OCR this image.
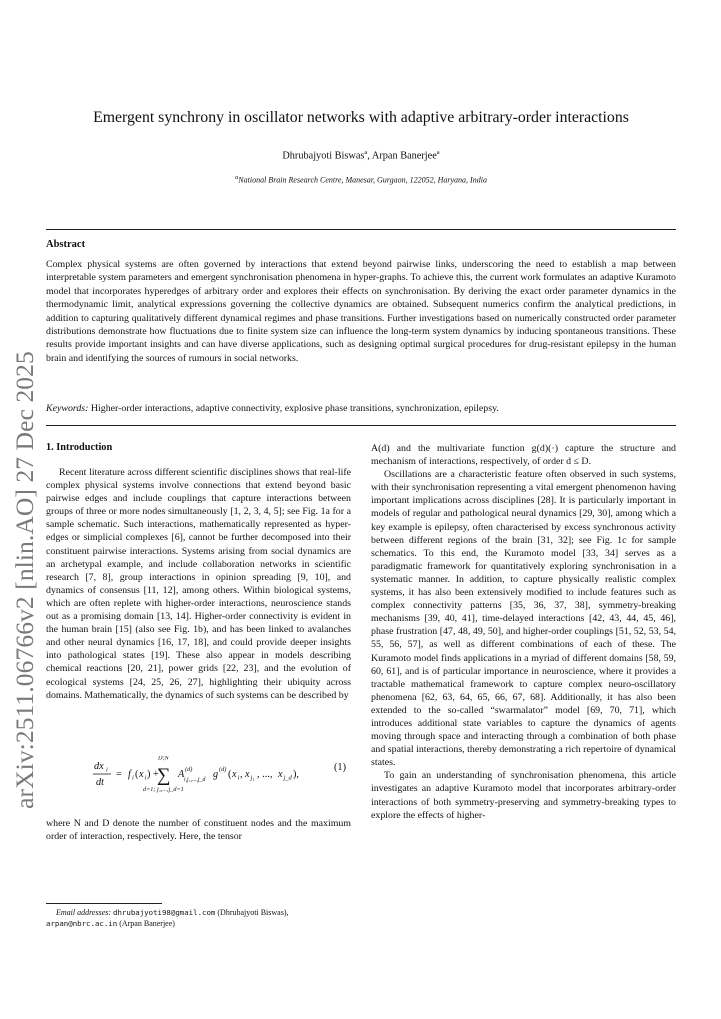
arXiv:2511.06766v2 [nlin.AO] 27 Dec 2025
Emergent synchrony in oscillator networks with adaptive arbitrary-order interactions
Dhrubajyoti Biswas$^a$, Arpan Banerjee$^a$
$^a$National Brain Research Centre, Manesar, Gurgaon, 122052, Haryana, India
Abstract
Complex physical systems are often governed by interactions that extend beyond pairwise links, underscoring the need to establish a map between interpretable system parameters and emergent synchronisation phenomena in hyper-graphs. To achieve this, the current work formulates an adaptive Kuramoto model that incorporates hyperedges of arbitrary order and explores their effects on synchronisation. By deriving the exact order parameter dynamics in the thermodynamic limit, analytical expressions governing the collective dynamics are obtained. Subsequent numerics confirm the analytical predictions, in addition to capturing qualitatively different dynamical regimes and phase transitions. Further investigations based on numerically constructed order parameter distributions demonstrate how fluctuations due to finite system size can influence the long-term system dynamics by inducing spontaneous transitions. These results provide important insights and can have diverse applications, such as designing optimal surgical procedures for drug-resistant epilepsy in the human brain and identifying the sources of rumours in social networks.
Keywords: Higher-order interactions, adaptive connectivity, explosive phase transitions, synchronization, epilepsy.
1. Introduction

Recent literature across different scientific disciplines shows that real-life complex physical systems involve connections that extend beyond basic pairwise edges and include couplings that capture interactions between groups of three or more nodes simultaneously [1, 2, 3, 4, 5]; see Fig. 1a for a sample schematic. Such interactions, mathematically represented as hyper-edges or simplicial complexes [6], cannot be further decomposed into their constituent pairwise interactions. Systems arising from social dynamics are an archetypal example, and include collaboration networks in scientific research [7, 8], group interactions in opinion spreading [9, 10], and dynamics of consensus [11, 12], among others. Within biological systems, which are often replete with higher-order interactions, neuroscience stands out as a promising domain [13, 14]. Higher-order connectivity is evident in the human brain [15] (also see Fig. 1b), and has been linked to avalanches and other neural dynamics [16, 17, 18], and could provide deeper insights into pathological states [19]. These also appear in models describing chemical reactions [20, 21], power grids [22, 23], and the evolution of ecological systems [24, 25, 26, 27], highlighting their ubiquity across domains. Mathematically, the dynamics of such systems can be described by

dx i
dt
= f i ( x i ) +
D;N
∑
d=1; j₁,...,j_d=1
A (d)
i,j₁,...,j_d g (d) ( x i , x j₁ , ..., x j_d ),
(1)

where N and D denote the number of constituent nodes and the maximum order of interaction, respectively. Here, the tensor

A(d) and the multivariate function g(d)(·) capture the structure and mechanism of interactions, respectively, of order d ≤ D.

Oscillations are a characteristic feature often observed in such systems, with their synchronisation representing a vital emergent phenomenon having important implications across disciplines [28]. It is particularly important in models of regular and pathological neural dynamics [29, 30], among which a key example is epilepsy, often characterised by excess synchronous activity between different regions of the brain [31, 32]; see Fig. 1c for sample schematics. To this end, the Kuramoto model [33, 34] serves as a paradigmatic framework for quantitatively exploring synchronisation in a systematic manner. In addition, to capture physically realistic complex systems, it has also been extensively modified to include features such as complex connectivity patterns [35, 36, 37, 38], symmetry-breaking mechanisms [39, 40, 41], time-delayed interactions [42, 43, 44, 45, 46], phase frustration [47, 48, 49, 50], and higher-order couplings [51, 52, 53, 54, 55, 56, 57], as well as different combinations of each of these. The Kuramoto model finds applications in a myriad of different domains [58, 59, 60, 61], and is of particular importance in neuroscience, where it provides a tractable mathematical framework to capture complex neuro-oscillatory phenomena [62, 63, 64, 65, 66, 67, 68]. Additionally, it has also been extended to the so-called “swarmalator” model [69, 70, 71], which introduces additional state variables to capture the dynamics of agents moving through space and interacting through a combination of both phase and spatial interactions, thereby demonstrating a rich repertoire of dynamical states.

To gain an understanding of synchronisation phenomena, this article investigates an adaptive Kuramoto model that incorporates arbitrary-order interactions of both symmetry-preserving and symmetry-breaking types to explore the effects of higher-

Email addresses: dhrubajyoti98@gmail.com (Dhrubajyoti Biswas),
arpan@nbrc.ac.in (Arpan Banerjee)
